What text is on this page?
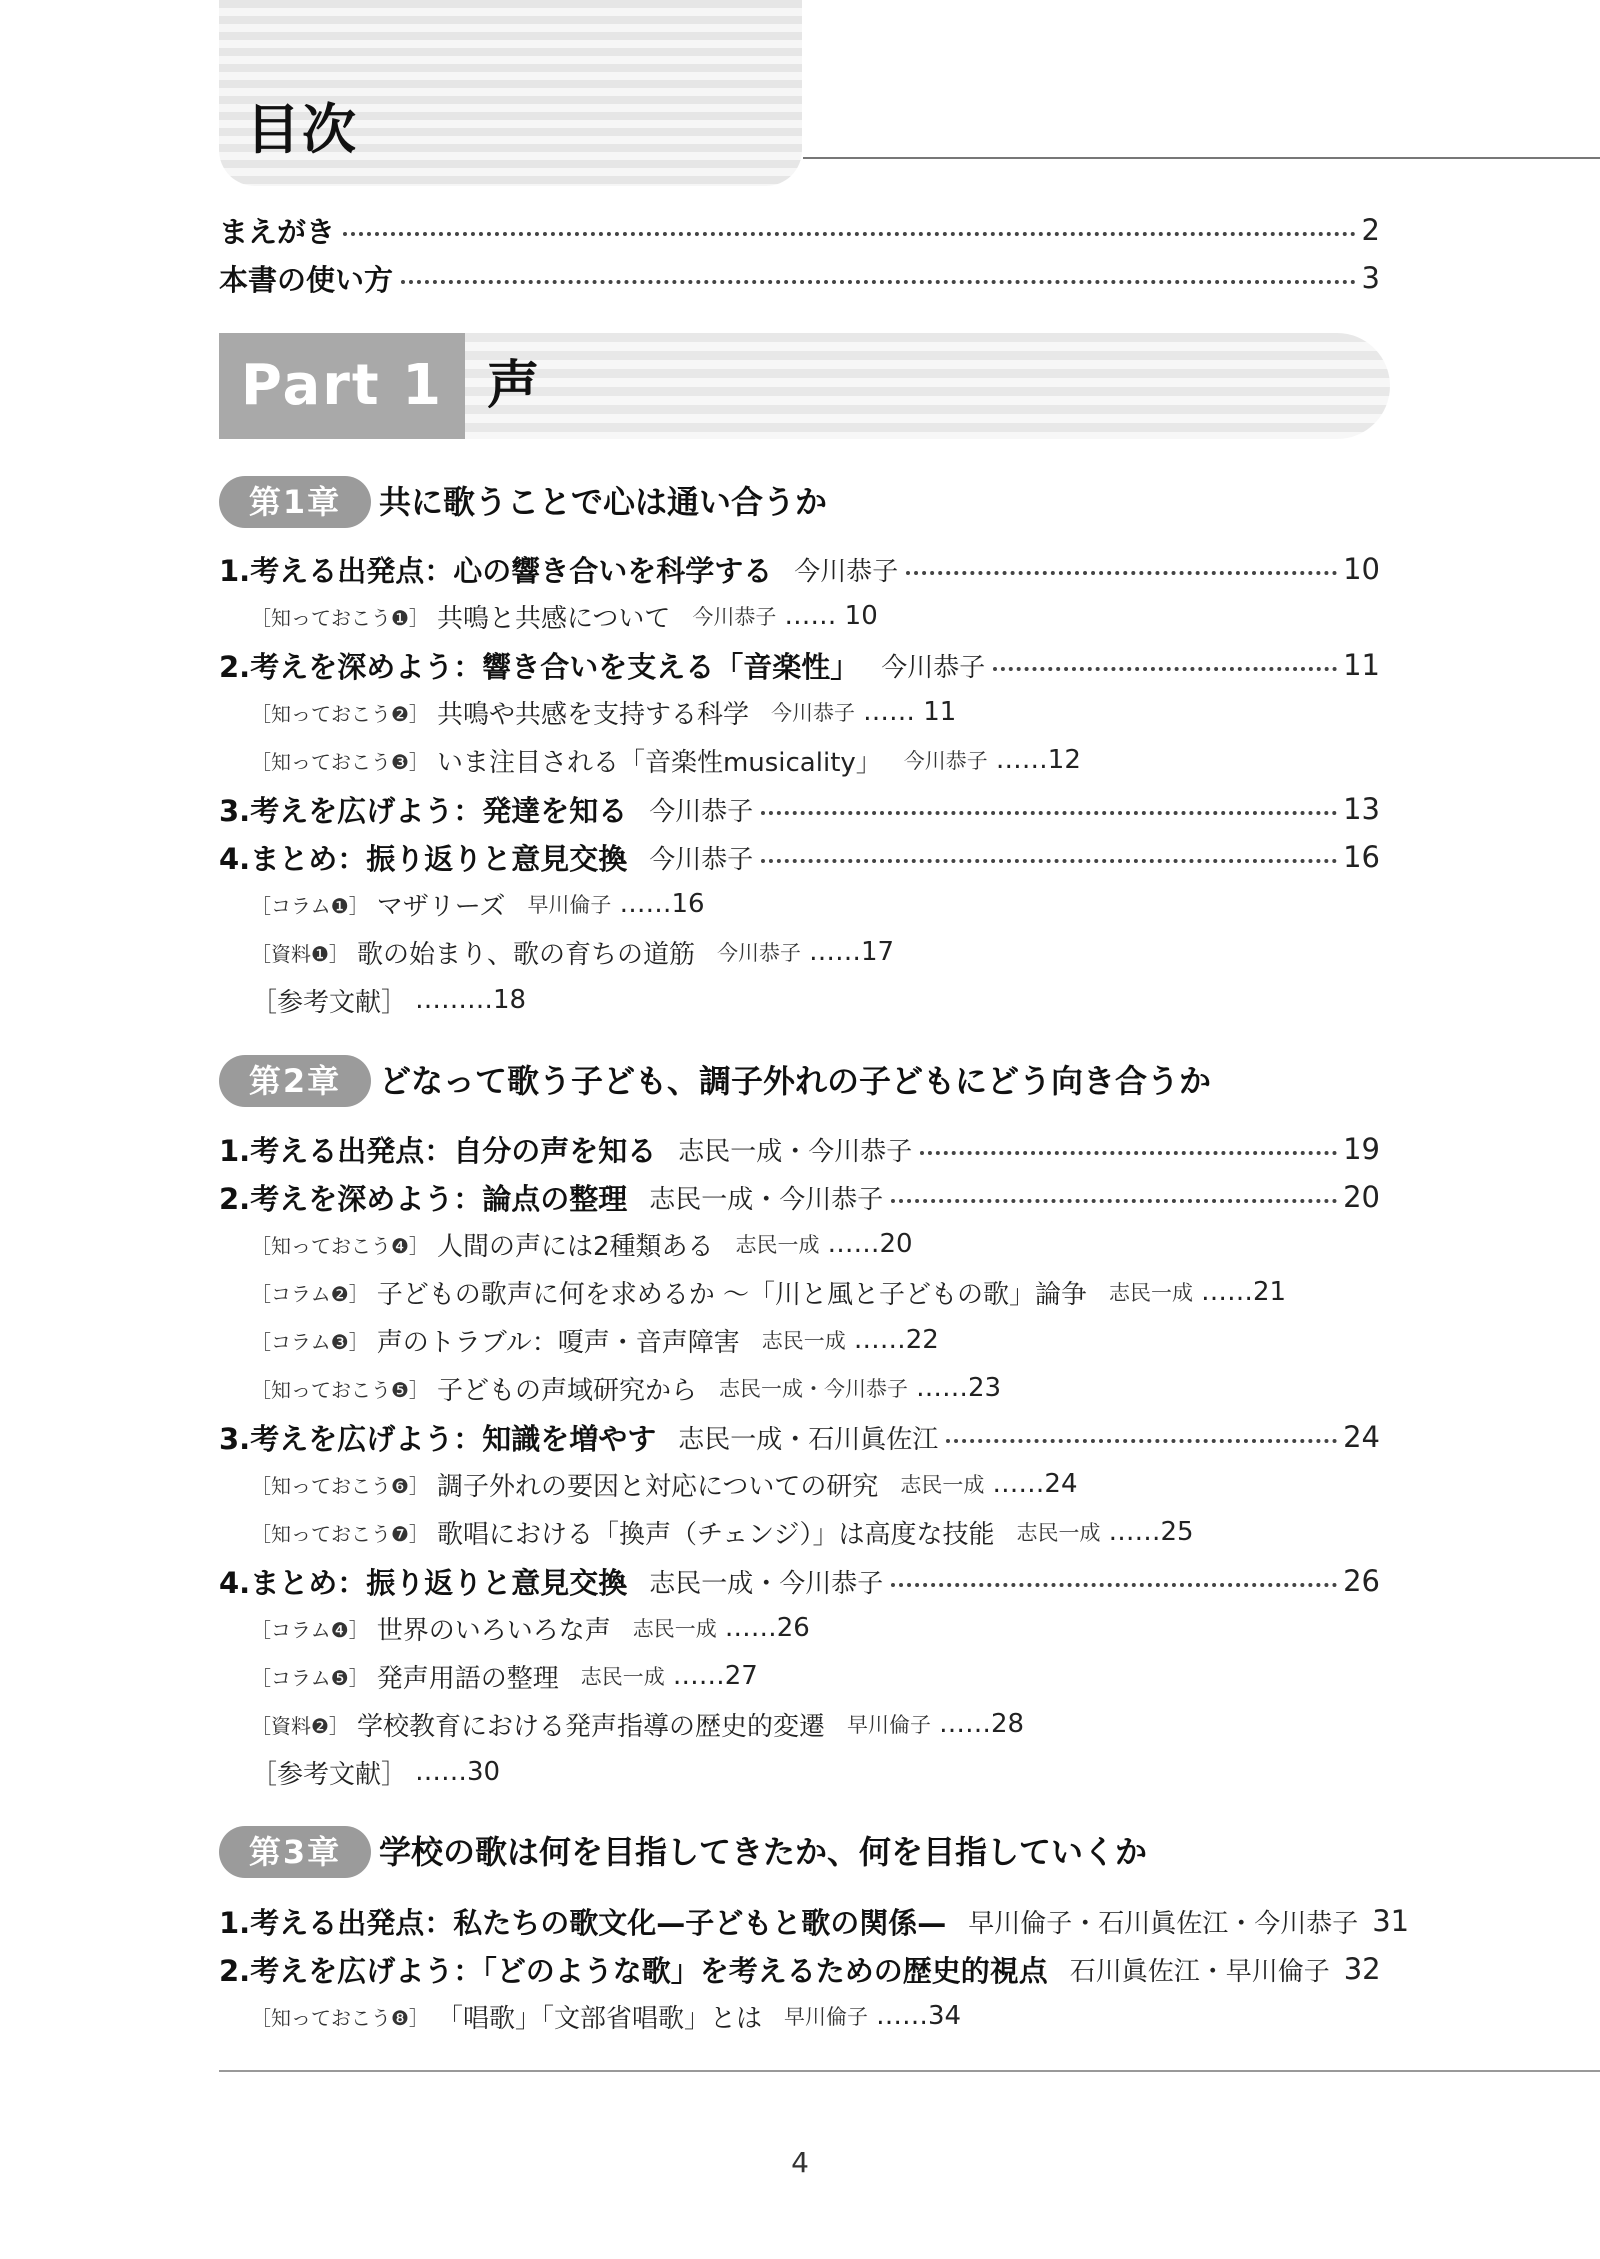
目次
まえがき	2
本書の使い方	3
Part 1 声
第1章	共に歌うことで心は通い合うか
1.考える出発点：心の響き合いを科学する 今川恭子	10
［知っておこう❶］ 共鳴と共感について 今川恭子 …… 10
2.考えを深めよう：響き合いを支える「音楽性」 今川恭子	11
［知っておこう❷］ 共鳴や共感を支持する科学 今川恭子 …… 11
［知っておこう❸］ いま注目される「音楽性musicality」 今川恭子 ……12
3.考えを広げよう：発達を知る 今川恭子	13
4.まとめ：振り返りと意見交換 今川恭子	16
［コラム❶］ マザリーズ 早川倫子 ……16
［資料❶］ 歌の始まり、歌の育ちの道筋 今川恭子 ……17
［参考文献］ ………18
第2章	どなって歌う子ども、調子外れの子どもにどう向き合うか
1.考える出発点：自分の声を知る 志民一成・今川恭子	19
2.考えを深めよう：論点の整理 志民一成・今川恭子	20
［知っておこう❹］ 人間の声には2種類ある 志民一成 ……20
［コラム❷］ 子どもの歌声に何を求めるか ～「川と風と子どもの歌」論争 志民一成 ……21
［コラム❸］ 声のトラブル：嗄声・音声障害 志民一成 ……22
［知っておこう❺］ 子どもの声域研究から 志民一成・今川恭子 ……23
3.考えを広げよう：知識を増やす 志民一成・石川眞佐江	24
［知っておこう❻］ 調子外れの要因と対応についての研究 志民一成 ……24
［知っておこう❼］ 歌唱における「換声（チェンジ）」は高度な技能 志民一成 ……25
4.まとめ：振り返りと意見交換 志民一成・今川恭子	26
［コラム❹］ 世界のいろいろな声 志民一成 ……26
［コラム❺］ 発声用語の整理 志民一成 ……27
［資料❷］ 学校教育における発声指導の歴史的変遷 早川倫子 ……28
［参考文献］ ……30
第3章	学校の歌は何を目指してきたか、何を目指していくか
1.考える出発点：私たちの歌文化—子どもと歌の関係— 早川倫子・石川眞佐江・今川恭子 31
2.考えを広げよう：「どのような歌」を考えるための歴史的視点 石川眞佐江・早川倫子 32
［知っておこう❽］ 「唱歌」「文部省唱歌」とは 早川倫子 ……34
4
